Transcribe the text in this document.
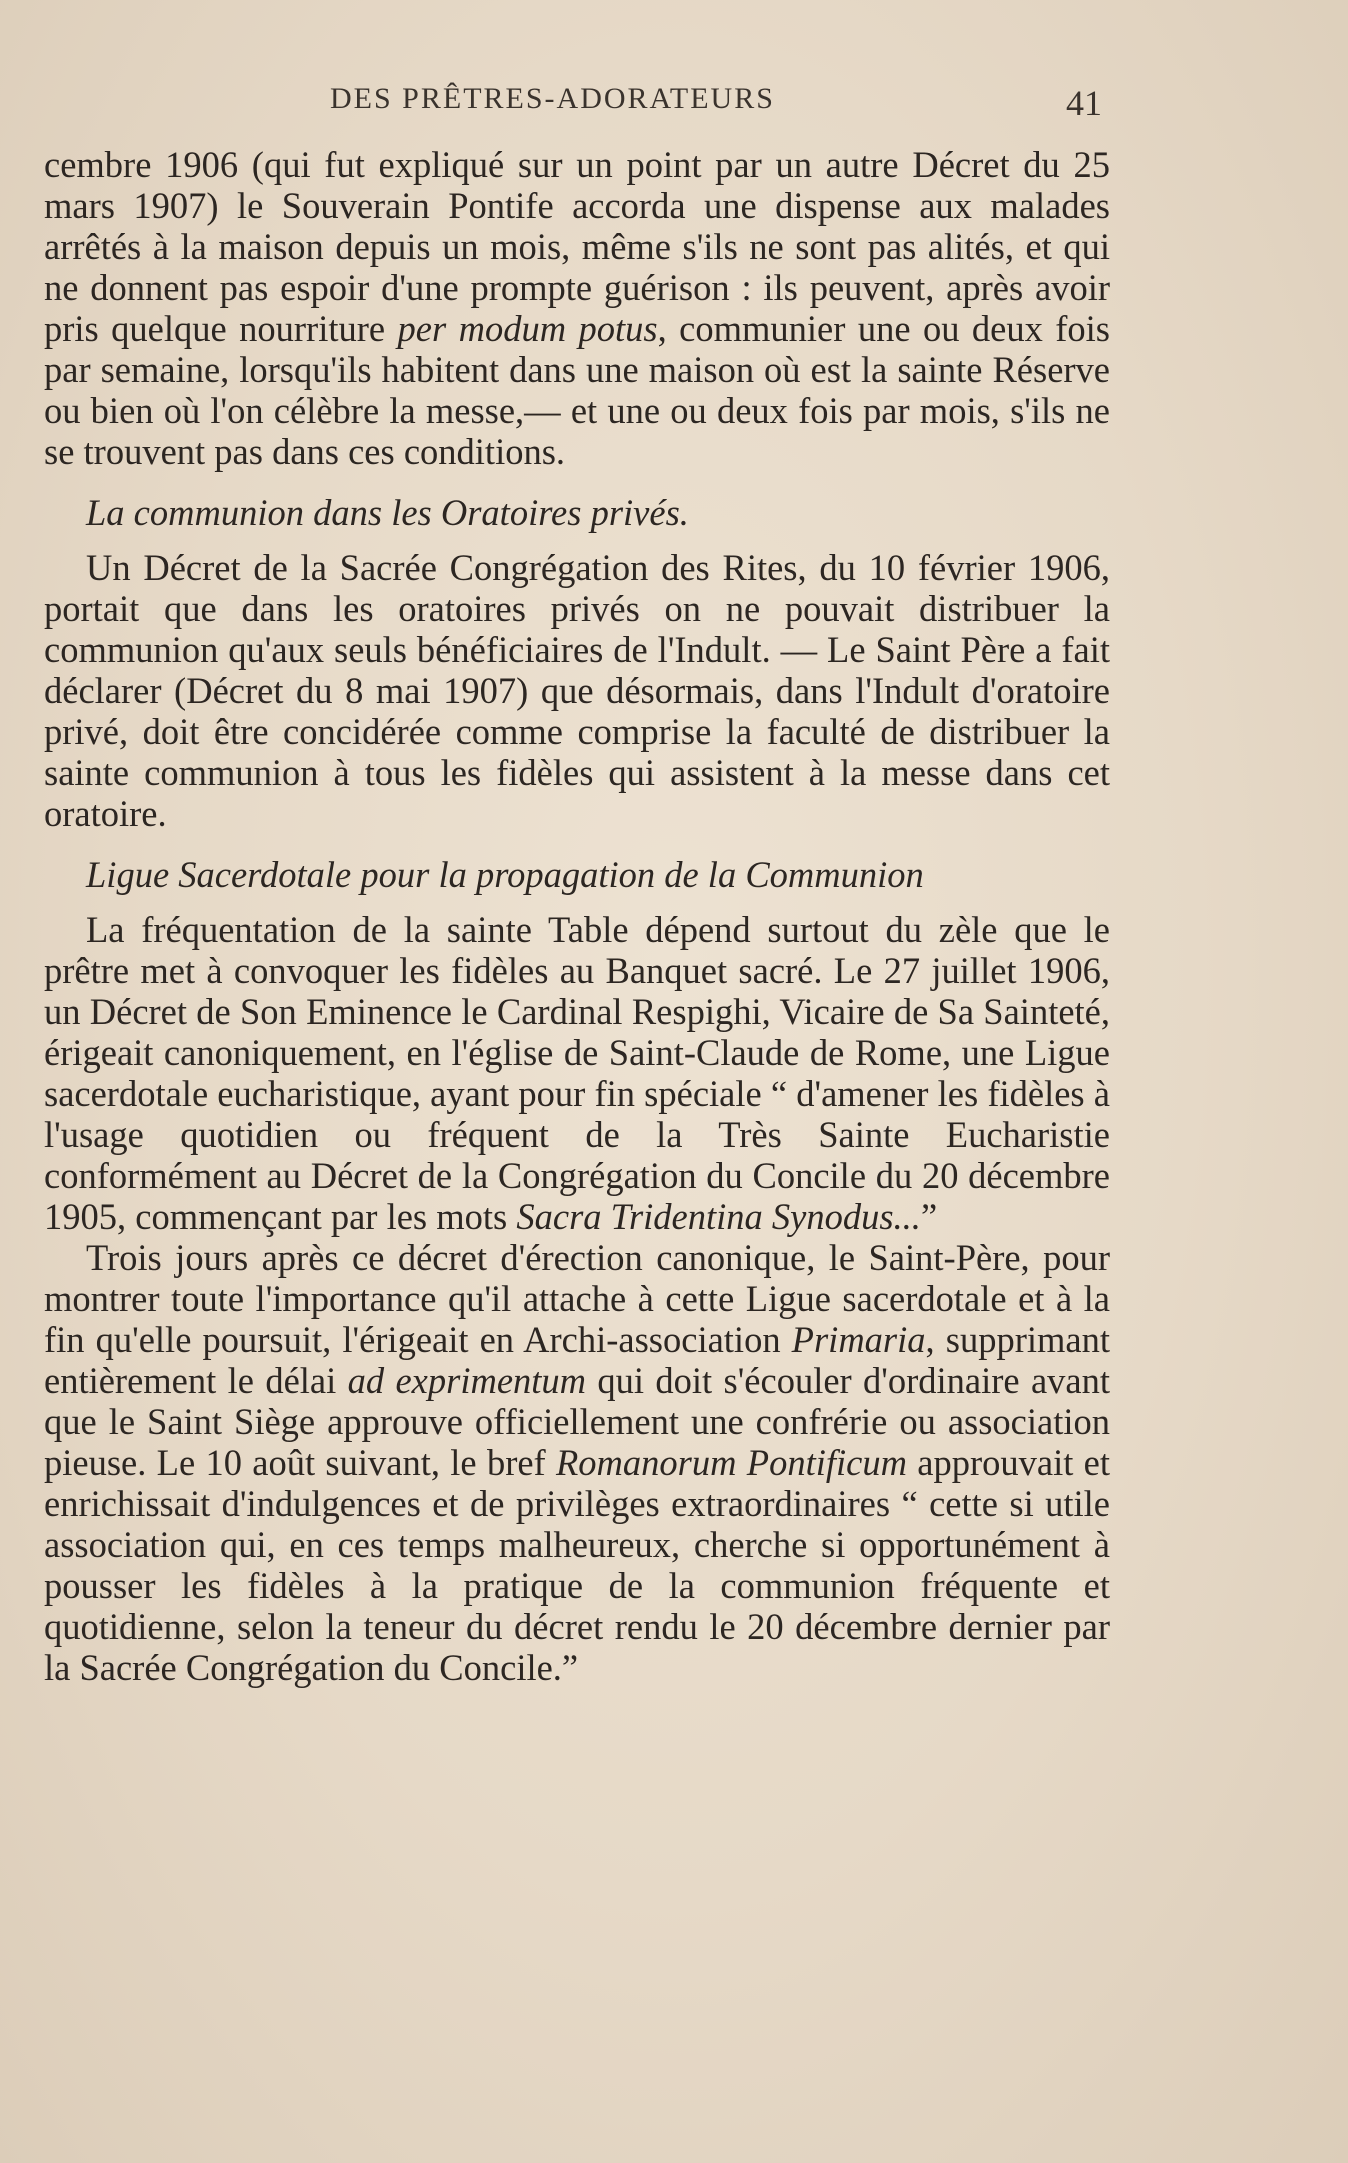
DES PRÊTRES-ADORATEURS	41

cembre 1906 (qui fut expliqué sur un point par un autre Décret du 25 mars 1907) le Souverain Pontife accorda une dispense aux malades arrêtés à la maison depuis un mois, même s'ils ne sont pas alités, et qui ne donnent pas espoir d'une prompte guérison : ils peuvent, après avoir pris quelque nourriture per modum potus, communier une ou deux fois par semaine, lorsqu'ils habitent dans une maison où est la sainte Réserve ou bien où l'on célèbre la messe,— et une ou deux fois par mois, s'ils ne se trouvent pas dans ces conditions.

La communion dans les Oratoires privés.

Un Décret de la Sacrée Congrégation des Rites, du 10 février 1906, portait que dans les oratoires privés on ne pouvait distribuer la communion qu'aux seuls bénéficiaires de l'Indult. — Le Saint Père a fait déclarer (Décret du 8 mai 1907) que désormais, dans l'Indult d'oratoire privé, doit être concidérée comme comprise la faculté de distribuer la sainte communion à tous les fidèles qui assistent à la messe dans cet oratoire.

Ligue Sacerdotale pour la propagation de la Communion

La fréquentation de la sainte Table dépend surtout du zèle que le prêtre met à convoquer les fidèles au Banquet sacré. Le 27 juillet 1906, un Décret de Son Eminence le Cardinal Respighi, Vicaire de Sa Sainteté, érigeait canoniquement, en l'église de Saint-Claude de Rome, une Ligue sacerdotale eucharistique, ayant pour fin spéciale “ d'amener les fidèles à l'usage quotidien ou fréquent de la Très Sainte Eucharistie conformément au Décret de la Congrégation du Concile du 20 décembre 1905, commençant par les mots Sacra Tridentina Synodus...”

Trois jours après ce décret d'érection canonique, le Saint-Père, pour montrer toute l'importance qu'il attache à cette Ligue sacerdotale et à la fin qu'elle poursuit, l'érigeait en Archi-association Primaria, supprimant entièrement le délai ad exprimentum qui doit s'écouler d'ordinaire avant que le Saint Siège approuve officiellement une confrérie ou association pieuse. Le 10 août suivant, le bref Romanorum Pontificum approuvait et enrichissait d'indulgences et de privilèges extraordinaires “ cette si utile association qui, en ces temps malheureux, cherche si opportunément à pousser les fidèles à la pratique de la communion fréquente et quotidienne, selon la teneur du décret rendu le 20 décembre dernier par la Sacrée Congrégation du Concile.”
